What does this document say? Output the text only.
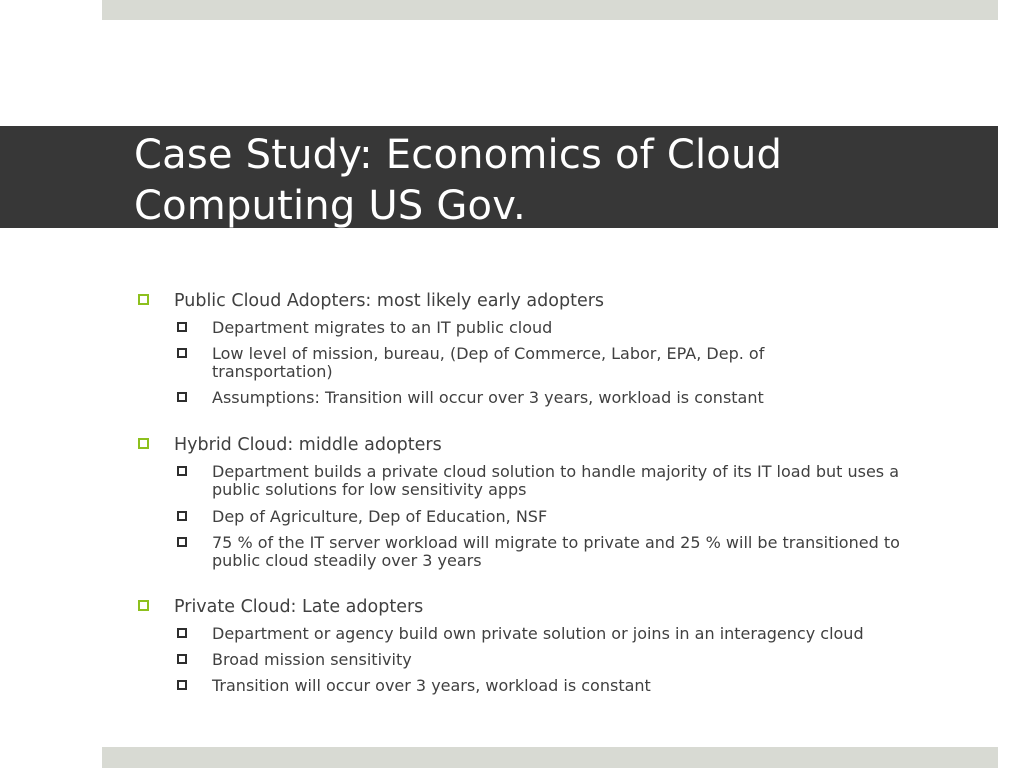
Case Study: Economics of Cloud
Computing US Gov.
Public Cloud Adopters: most likely early adopters
Department migrates to an IT public cloud
Low level of mission, bureau, (Dep of Commerce, Labor, EPA, Dep. of
transportation)
Assumptions: Transition will occur over 3 years, workload is constant
Hybrid Cloud: middle adopters
Department builds a private cloud solution to handle majority of its IT load but uses a
public solutions for low sensitivity apps
Dep of Agriculture, Dep of Education, NSF
75 % of the IT server workload will migrate to private and 25 % will be transitioned to
public cloud steadily over 3 years
Private Cloud: Late adopters
Department or agency build own private solution or joins in an interagency cloud
Broad mission sensitivity
Transition will occur over 3 years, workload is constant
